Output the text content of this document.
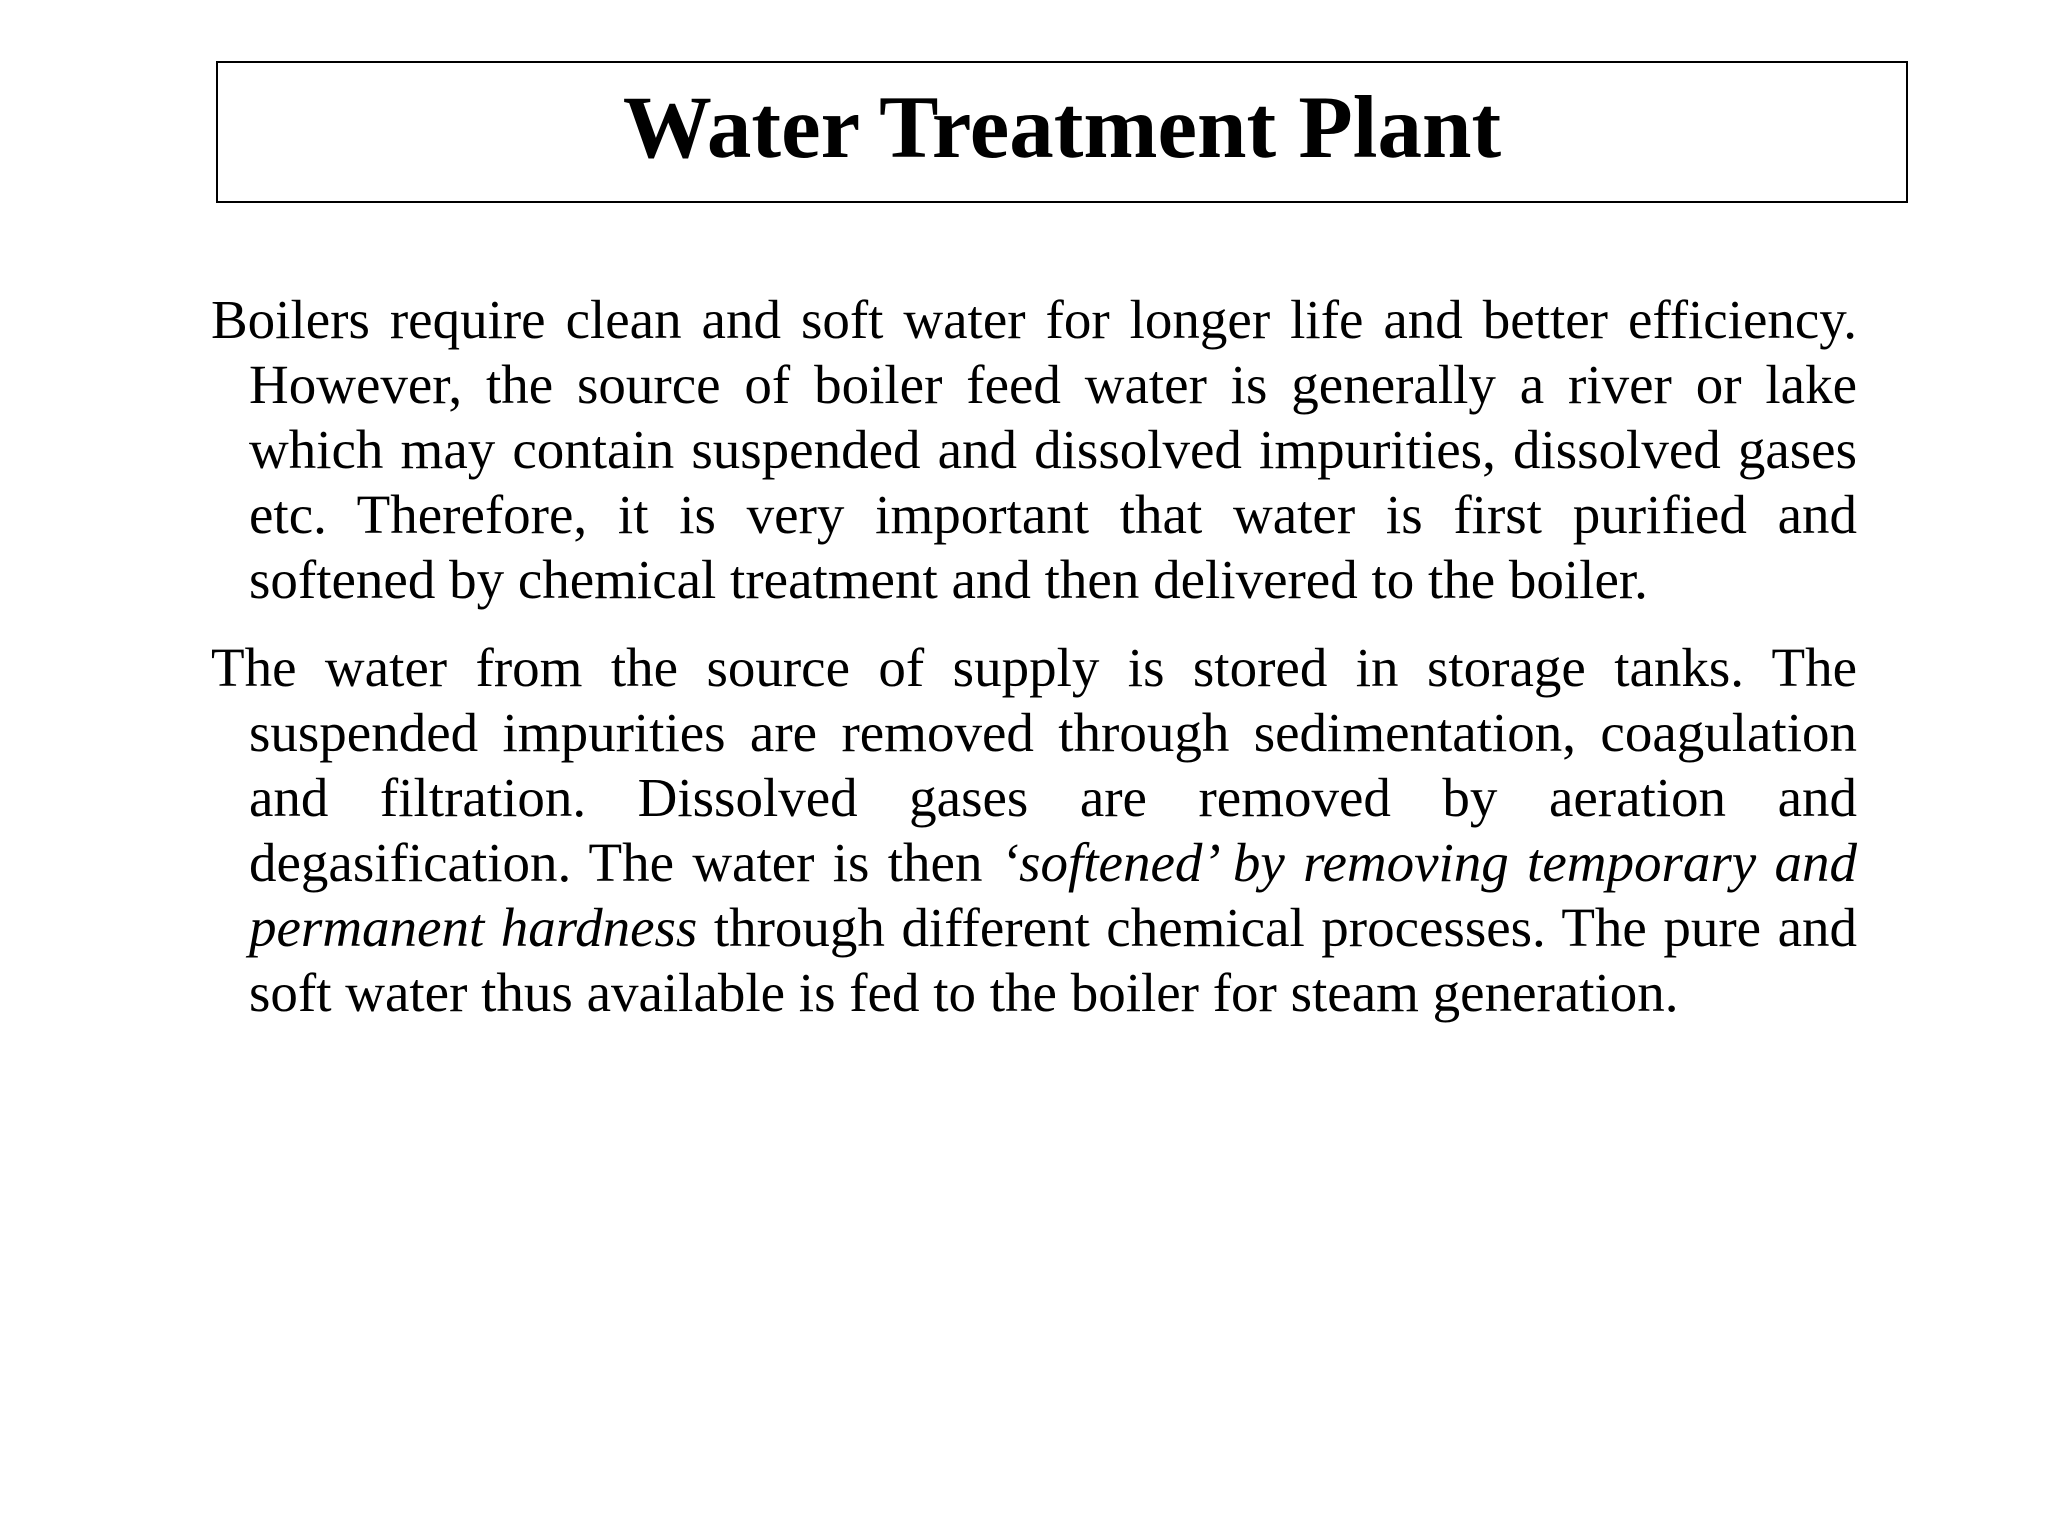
Water Treatment Plant

Boilers require clean and soft water for longer life and better efficiency. However, the source of boiler feed water is generally a river or lake which may contain suspended and dissolved impurities, dissolved gases etc. Therefore, it is very important that water is first purified and softened by chemical treatment and then delivered to the boiler.

The water from the source of supply is stored in storage tanks. The suspended impurities are removed through sedimentation, coagulation and filtration. Dissolved gases are removed by aeration and degasification. The water is then ‘softened’ by removing temporary and permanent hardness through different chemical processes. The pure and soft water thus available is fed to the boiler for steam generation.
